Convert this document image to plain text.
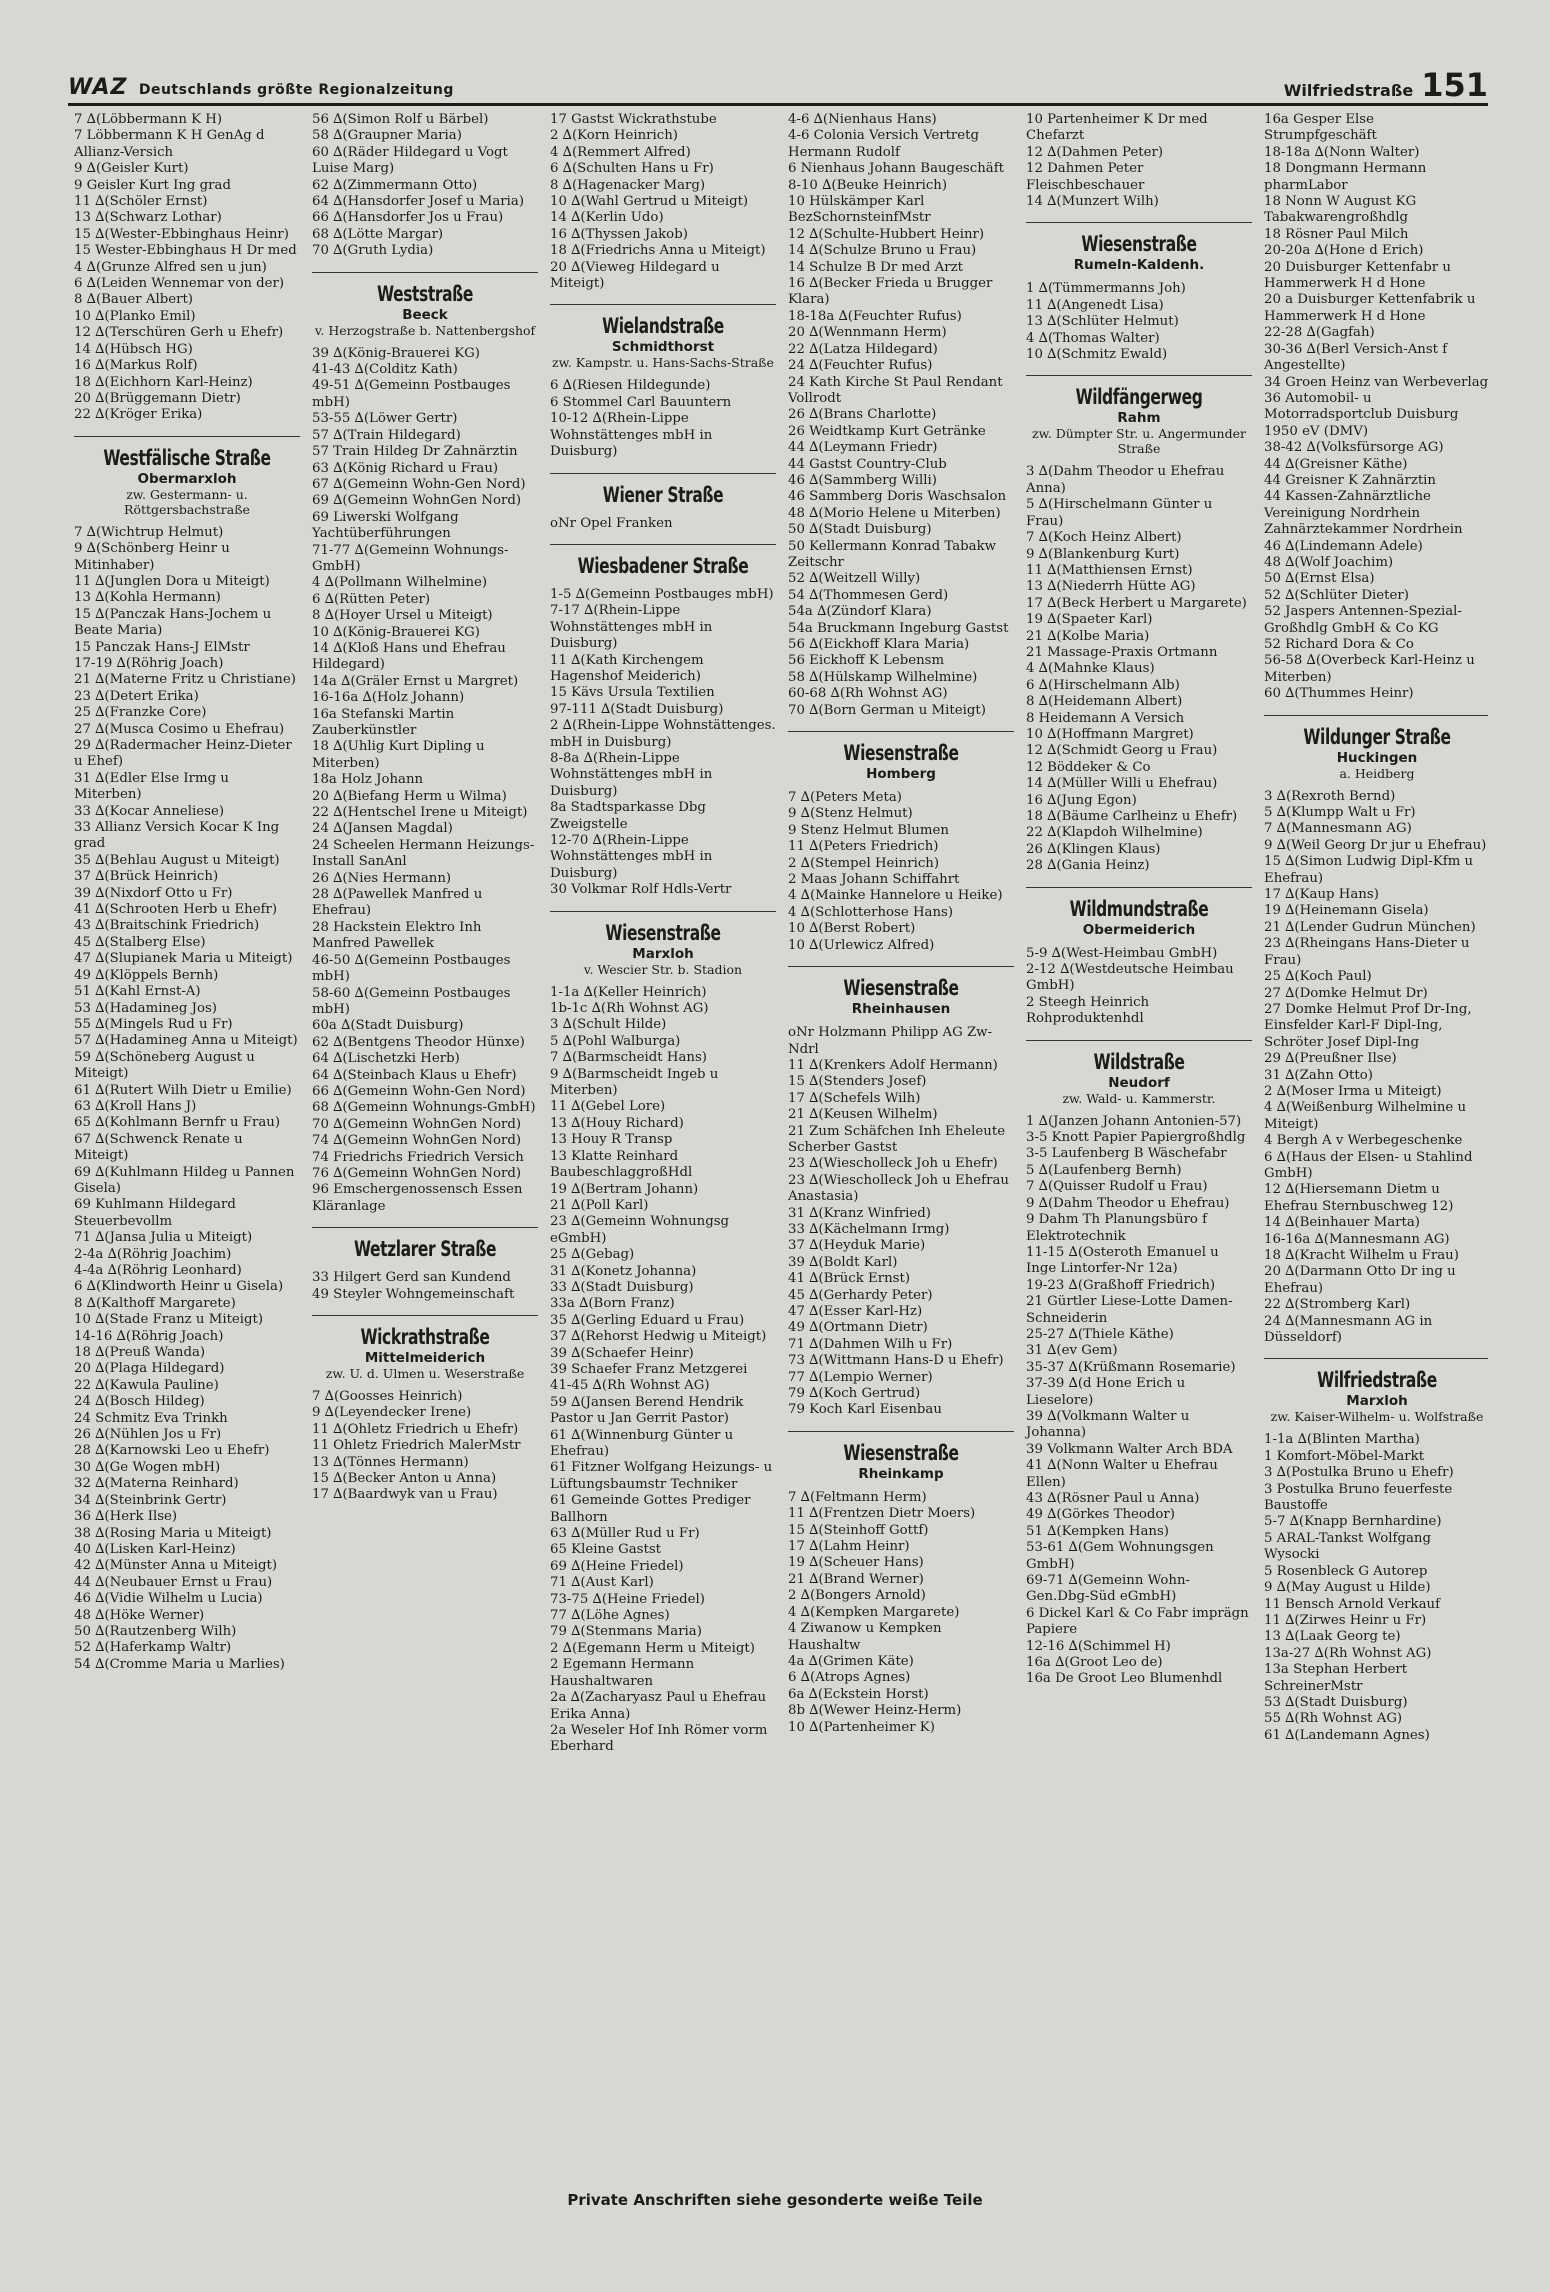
WAZ Deutschlands größte Regionalzeitung	Wilfriedstraße 151

7 ∆(Löbbermann K H)

7 Löbbermann K H GenAg d Allianz-Versich

9 ∆(Geisler Kurt)

9 Geisler Kurt Ing grad

11 ∆(Schöler Ernst)

13 ∆(Schwarz Lothar)

15 ∆(Wester-Ebbinghaus Heinr)

15 Wester-Ebbinghaus H Dr med

4 ∆(Grunze Alfred sen u jun)

6 ∆(Leiden Wennemar von der)

8 ∆(Bauer Albert)

10 ∆(Planko Emil)

12 ∆(Terschüren Gerh u Ehefr)

14 ∆(Hübsch HG)

16 ∆(Markus Rolf)

18 ∆(Eichhorn Karl-Heinz)

20 ∆(Brüggemann Dietr)

22 ∆(Kröger Erika)

Westfälische Straße
Obermarxloh
zw. Gestermann- u. Röttgersbachstraße

7 ∆(Wichtrup Helmut)

9 ∆(Schönberg Heinr u Mitinhaber)

11 ∆(Junglen Dora u Miteigt)

13 ∆(Kohla Hermann)

15 ∆(Panczak Hans-Jochem u Beate Maria)

15 Panczak Hans-J ElMstr

17-19 ∆(Röhrig Joach)

21 ∆(Materne Fritz u Christiane)

23 ∆(Detert Erika)

25 ∆(Franzke Core)

27 ∆(Musca Cosimo u Ehefrau)

29 ∆(Radermacher Heinz-Dieter u Ehef)

31 ∆(Edler Else Irmg u Miterben)

33 ∆(Kocar Anneliese)

33 Allianz Versich Kocar K Ing grad

35 ∆(Behlau August u Miteigt)

37 ∆(Brück Heinrich)

39 ∆(Nixdorf Otto u Fr)

41 ∆(Schrooten Herb u Ehefr)

43 ∆(Braitschink Friedrich)

45 ∆(Stalberg Else)

47 ∆(Slupianek Maria u Miteigt)

49 ∆(Klöppels Bernh)

51 ∆(Kahl Ernst-A)

53 ∆(Hadamineg Jos)

55 ∆(Mingels Rud u Fr)

57 ∆(Hadamineg Anna u Miteigt)

59 ∆(Schöneberg August u Miteigt)

61 ∆(Rutert Wilh Dietr u Emilie)

63 ∆(Kroll Hans J)

65 ∆(Kohlmann Bernfr u Frau)

67 ∆(Schwenck Renate u Miteigt)

69 ∆(Kuhlmann Hildeg u Pannen Gisela)

69 Kuhlmann Hildegard Steuerbevollm

71 ∆(Jansa Julia u Miteigt)

2-4a ∆(Röhrig Joachim)

4-4a ∆(Röhrig Leonhard)

6 ∆(Klindworth Heinr u Gisela)

8 ∆(Kalthoff Margarete)

10 ∆(Stade Franz u Miteigt)

14-16 ∆(Röhrig Joach)

18 ∆(Preuß Wanda)

20 ∆(Plaga Hildegard)

22 ∆(Kawula Pauline)

24 ∆(Bosch Hildeg)

24 Schmitz Eva Trinkh

26 ∆(Nühlen Jos u Fr)

28 ∆(Karnowski Leo u Ehefr)

30 ∆(Ge Wogen mbH)

32 ∆(Materna Reinhard)

34 ∆(Steinbrink Gertr)

36 ∆(Herk Ilse)

38 ∆(Rosing Maria u Miteigt)

40 ∆(Lisken Karl-Heinz)

42 ∆(Münster Anna u Miteigt)

44 ∆(Neubauer Ernst u Frau)

46 ∆(Vidie Wilhelm u Lucia)

48 ∆(Höke Werner)

50 ∆(Rautzenberg Wilh)

52 ∆(Haferkamp Waltr)

54 ∆(Cromme Maria u Marlies)

56 ∆(Simon Rolf u Bärbel)

58 ∆(Graupner Maria)

60 ∆(Räder Hildegard u Vogt Luise Marg)

62 ∆(Zimmermann Otto)

64 ∆(Hansdorfer Josef u Maria)

66 ∆(Hansdorfer Jos u Frau)

68 ∆(Lötte Margar)

70 ∆(Gruth Lydia)

Weststraße
Beeck
v. Herzogstraße b. Nattenbergshof

39 ∆(König-Brauerei KG)

41-43 ∆(Colditz Kath)

49-51 ∆(Gemeinn Postbauges mbH)

53-55 ∆(Löwer Gertr)

57 ∆(Train Hildegard)

57 Train Hildeg Dr Zahnärztin

63 ∆(König Richard u Frau)

67 ∆(Gemeinn Wohn-Gen Nord)

69 ∆(Gemeinn WohnGen Nord)

69 Liwerski Wolfgang Yachtüberführungen

71-77 ∆(Gemeinn Wohnungs-GmbH)

4 ∆(Pollmann Wilhelmine)

6 ∆(Rütten Peter)

8 ∆(Hoyer Ursel u Miteigt)

10 ∆(König-Brauerei KG)

14 ∆(Kloß Hans und Ehefrau Hildegard)

14a ∆(Gräler Ernst u Margret)

16-16a ∆(Holz Johann)

16a Stefanski Martin Zauberkünstler

18 ∆(Uhlig Kurt Dipling u Miterben)

18a Holz Johann

20 ∆(Biefang Herm u Wilma)

22 ∆(Hentschel Irene u Miteigt)

24 ∆(Jansen Magdal)

24 Scheelen Hermann Heizungs-Install SanAnl

26 ∆(Nies Hermann)

28 ∆(Pawellek Manfred u Ehefrau)

28 Hackstein Elektro Inh Manfred Pawellek

46-50 ∆(Gemeinn Postbauges mbH)

58-60 ∆(Gemeinn Postbauges mbH)

60a ∆(Stadt Duisburg)

62 ∆(Bentgens Theodor Hünxe)

64 ∆(Lischetzki Herb)

64 ∆(Steinbach Klaus u Ehefr)

66 ∆(Gemeinn Wohn-Gen Nord)

68 ∆(Gemeinn Wohnungs-GmbH)

70 ∆(Gemeinn WohnGen Nord)

74 ∆(Gemeinn WohnGen Nord)

74 Friedrichs Friedrich Versich

76 ∆(Gemeinn WohnGen Nord)

96 Emschergenossensch Essen Kläranlage

Wetzlarer Straße

33 Hilgert Gerd san Kundend

49 Steyler Wohngemeinschaft

Wickrathstraße
Mittelmeiderich
zw. U. d. Ulmen u. Weserstraße

7 ∆(Goosses Heinrich)

9 ∆(Leyendecker Irene)

11 ∆(Ohletz Friedrich u Ehefr)

11 Ohletz Friedrich MalerMstr

13 ∆(Tönnes Hermann)

15 ∆(Becker Anton u Anna)

17 ∆(Baardwyk van u Frau)

17 Gastst Wickrathstube

2 ∆(Korn Heinrich)

4 ∆(Remmert Alfred)

6 ∆(Schulten Hans u Fr)

8 ∆(Hagenacker Marg)

10 ∆(Wahl Gertrud u Miteigt)

14 ∆(Kerlin Udo)

16 ∆(Thyssen Jakob)

18 ∆(Friedrichs Anna u Miteigt)

20 ∆(Vieweg Hildegard u Miteigt)

Wielandstraße
Schmidthorst
zw. Kampstr. u. Hans-Sachs-Straße

6 ∆(Riesen Hildegunde)

6 Stommel Carl Bauuntern

10-12 ∆(Rhein-Lippe Wohnstättenges mbH in Duisburg)

Wiener Straße

oNr Opel Franken

Wiesbadener Straße

1-5 ∆(Gemeinn Postbauges mbH)

7-17 ∆(Rhein-Lippe Wohnstättenges mbH in Duisburg)

11 ∆(Kath Kirchengem Hagenshof Meiderich)

15 Kävs Ursula Textilien

97-111 ∆(Stadt Duisburg)

2 ∆(Rhein-Lippe Wohnstättenges. mbH in Duisburg)

8-8a ∆(Rhein-Lippe Wohnstättenges mbH in Duisburg)

8a Stadtsparkasse Dbg Zweigstelle

12-70 ∆(Rhein-Lippe Wohnstättenges mbH in Duisburg)

30 Volkmar Rolf Hdls-Vertr

Wiesenstraße
Marxloh
v. Wescier Str. b. Stadion

1-1a ∆(Keller Heinrich)

1b-1c ∆(Rh Wohnst AG)

3 ∆(Schult Hilde)

5 ∆(Pohl Walburga)

7 ∆(Barmscheidt Hans)

9 ∆(Barmscheidt Ingeb u Miterben)

11 ∆(Gebel Lore)

13 ∆(Houy Richard)

13 Houy R Transp

13 Klatte Reinhard BaubeschlaggroßHdl

19 ∆(Bertram Johann)

21 ∆(Poll Karl)

23 ∆(Gemeinn Wohnungsg eGmbH)

25 ∆(Gebag)

31 ∆(Konetz Johanna)

33 ∆(Stadt Duisburg)

33a ∆(Born Franz)

35 ∆(Gerling Eduard u Frau)

37 ∆(Rehorst Hedwig u Miteigt)

39 ∆(Schaefer Heinr)

39 Schaefer Franz Metzgerei

41-45 ∆(Rh Wohnst AG)

59 ∆(Jansen Berend Hendrik Pastor u Jan Gerrit Pastor)

61 ∆(Winnenburg Günter u Ehefrau)

61 Fitzner Wolfgang Heizungs- u Lüftungsbaumstr Techniker

61 Gemeinde Gottes Prediger Ballhorn

63 ∆(Müller Rud u Fr)

65 Kleine Gastst

69 ∆(Heine Friedel)

71 ∆(Aust Karl)

73-75 ∆(Heine Friedel)

77 ∆(Löhe Agnes)

79 ∆(Stenmans Maria)

2 ∆(Egemann Herm u Miteigt)

2 Egemann Hermann Haushaltwaren

2a ∆(Zacharyasz Paul u Ehefrau Erika Anna)

2a Weseler Hof Inh Römer vorm Eberhard

4-6 ∆(Nienhaus Hans)

4-6 Colonia Versich Vertretg Hermann Rudolf

6 Nienhaus Johann Baugeschäft

8-10 ∆(Beuke Heinrich)

10 Hülskämper Karl BezSchornsteinfMstr

12 ∆(Schulte-Hubbert Heinr)

14 ∆(Schulze Bruno u Frau)

14 Schulze B Dr med Arzt

16 ∆(Becker Frieda u Brugger Klara)

18-18a ∆(Feuchter Rufus)

20 ∆(Wennmann Herm)

22 ∆(Latza Hildegard)

24 ∆(Feuchter Rufus)

24 Kath Kirche St Paul Rendant Vollrodt

26 ∆(Brans Charlotte)

26 Weidtkamp Kurt Getränke

44 ∆(Leymann Friedr)

44 Gastst Country-Club

46 ∆(Sammberg Willi)

46 Sammberg Doris Waschsalon

48 ∆(Morio Helene u Miterben)

50 ∆(Stadt Duisburg)

50 Kellermann Konrad Tabakw Zeitschr

52 ∆(Weitzell Willy)

54 ∆(Thommesen Gerd)

54a ∆(Zündorf Klara)

54a Bruckmann Ingeburg Gastst

56 ∆(Eickhoff Klara Maria)

56 Eickhoff K Lebensm

58 ∆(Hülskamp Wilhelmine)

60-68 ∆(Rh Wohnst AG)

70 ∆(Born German u Miteigt)

Wiesenstraße
Homberg

7 ∆(Peters Meta)

9 ∆(Stenz Helmut)

9 Stenz Helmut Blumen

11 ∆(Peters Friedrich)

2 ∆(Stempel Heinrich)

2 Maas Johann Schiffahrt

4 ∆(Mainke Hannelore u Heike)

4 ∆(Schlotterhose Hans)

10 ∆(Berst Robert)

10 ∆(Urlewicz Alfred)

Wiesenstraße
Rheinhausen

oNr Holzmann Philipp AG Zw-Ndrl

11 ∆(Krenkers Adolf Hermann)

15 ∆(Stenders Josef)

17 ∆(Schefels Wilh)

21 ∆(Keusen Wilhelm)

21 Zum Schäfchen Inh Eheleute Scherber Gastst

23 ∆(Wiescholleck Joh u Ehefr)

23 ∆(Wiescholleck Joh u Ehefrau Anastasia)

31 ∆(Kranz Winfried)

33 ∆(Kächelmann Irmg)

37 ∆(Heyduk Marie)

39 ∆(Boldt Karl)

41 ∆(Brück Ernst)

45 ∆(Gerhardy Peter)

47 ∆(Esser Karl-Hz)

49 ∆(Ortmann Dietr)

71 ∆(Dahmen Wilh u Fr)

73 ∆(Wittmann Hans-D u Ehefr)

77 ∆(Lempio Werner)

79 ∆(Koch Gertrud)

79 Koch Karl Eisenbau

Wiesenstraße
Rheinkamp

7 ∆(Feltmann Herm)

11 ∆(Frentzen Dietr Moers)

15 ∆(Steinhoff Gottf)

17 ∆(Lahm Heinr)

19 ∆(Scheuer Hans)

21 ∆(Brand Werner)

2 ∆(Bongers Arnold)

4 ∆(Kempken Margarete)

4 Ziwanow u Kempken Haushaltw

4a ∆(Grimen Käte)

6 ∆(Atrops Agnes)

6a ∆(Eckstein Horst)

8b ∆(Wewer Heinz-Herm)

10 ∆(Partenheimer K)

10 Partenheimer K Dr med Chefarzt

12 ∆(Dahmen Peter)

12 Dahmen Peter Fleischbeschauer

14 ∆(Munzert Wilh)

Wiesenstraße
Rumeln-Kaldenh.

1 ∆(Tümmermanns Joh)

11 ∆(Angenedt Lisa)

13 ∆(Schlüter Helmut)

4 ∆(Thomas Walter)

10 ∆(Schmitz Ewald)

Wildfängerweg
Rahm
zw. Dümpter Str. u. Angermunder Straße

3 ∆(Dahm Theodor u Ehefrau Anna)

5 ∆(Hirschelmann Günter u Frau)

7 ∆(Koch Heinz Albert)

9 ∆(Blankenburg Kurt)

11 ∆(Matthiensen Ernst)

13 ∆(Niederrh Hütte AG)

17 ∆(Beck Herbert u Margarete)

19 ∆(Spaeter Karl)

21 ∆(Kolbe Maria)

21 Massage-Praxis Ortmann

4 ∆(Mahnke Klaus)

6 ∆(Hirschelmann Alb)

8 ∆(Heidemann Albert)

8 Heidemann A Versich

10 ∆(Hoffmann Margret)

12 ∆(Schmidt Georg u Frau)

12 Böddeker & Co

14 ∆(Müller Willi u Ehefrau)

16 ∆(Jung Egon)

18 ∆(Bäume Carlheinz u Ehefr)

22 ∆(Klapdoh Wilhelmine)

26 ∆(Klingen Klaus)

28 ∆(Gania Heinz)

Wildmundstraße
Obermeiderich

5-9 ∆(West-Heimbau GmbH)

2-12 ∆(Westdeutsche Heimbau GmbH)

2 Steegh Heinrich Rohproduktenhdl

Wildstraße
Neudorf
zw. Wald- u. Kammerstr.

1 ∆(Janzen Johann Antonien-57)

3-5 Knott Papier Papiergroßhdlg

3-5 Laufenberg B Wäschefabr

5 ∆(Laufenberg Bernh)

7 ∆(Quisser Rudolf u Frau)

9 ∆(Dahm Theodor u Ehefrau)

9 Dahm Th Planungsbüro f Elektrotechnik

11-15 ∆(Osteroth Emanuel u Inge Lintorfer-Nr 12a)

19-23 ∆(Graßhoff Friedrich)

21 Gürtler Liese-Lotte Damen-Schneiderin

25-27 ∆(Thiele Käthe)

31 ∆(ev Gem)

35-37 ∆(Krüßmann Rosemarie)

37-39 ∆(d Hone Erich u Lieselore)

39 ∆(Volkmann Walter u Johanna)

39 Volkmann Walter Arch BDA

41 ∆(Nonn Walter u Ehefrau Ellen)

43 ∆(Rösner Paul u Anna)

49 ∆(Görkes Theodor)

51 ∆(Kempken Hans)

53-61 ∆(Gem Wohnungsgen GmbH)

69-71 ∆(Gemeinn Wohn-Gen.Dbg-Süd eGmbH)

6 Dickel Karl & Co Fabr imprägn Papiere

12-16 ∆(Schimmel H)

16a ∆(Groot Leo de)

16a De Groot Leo Blumenhdl

16a Gesper Else Strumpfgeschäft

18-18a ∆(Nonn Walter)

18 Dongmann Hermann pharmLabor

18 Nonn W August KG Tabakwarengroßhdlg

18 Rösner Paul Milch

20-20a ∆(Hone d Erich)

20 Duisburger Kettenfabr u Hammerwerk H d Hone

20 a Duisburger Kettenfabrik u Hammerwerk H d Hone

22-28 ∆(Gagfah)

30-36 ∆(Berl Versich-Anst f Angestellte)

34 Groen Heinz van Werbeverlag

36 Automobil- u Motorradsportclub Duisburg 1950 eV (DMV)

38-42 ∆(Volksfürsorge AG)

44 ∆(Greisner Käthe)

44 Greisner K Zahnärztin

44 Kassen-Zahnärztliche Vereinigung Nordrhein Zahnärztekammer Nordrhein

46 ∆(Lindemann Adele)

48 ∆(Wolf Joachim)

50 ∆(Ernst Elsa)

52 ∆(Schlüter Dieter)

52 Jaspers Antennen-Spezial-Großhdlg GmbH & Co KG

52 Richard Dora & Co

56-58 ∆(Overbeck Karl-Heinz u Miterben)

60 ∆(Thummes Heinr)

Wildunger Straße
Huckingen
a. Heidberg

3 ∆(Rexroth Bernd)

5 ∆(Klumpp Walt u Fr)

7 ∆(Mannesmann AG)

9 ∆(Weil Georg Dr jur u Ehefrau)

15 ∆(Simon Ludwig Dipl-Kfm u Ehefrau)

17 ∆(Kaup Hans)

19 ∆(Heinemann Gisela)

21 ∆(Lender Gudrun München)

23 ∆(Rheingans Hans-Dieter u Frau)

25 ∆(Koch Paul)

27 ∆(Domke Helmut Dr)

27 Domke Helmut Prof Dr-Ing, Einsfelder Karl-F Dipl-Ing, Schröter Josef Dipl-Ing

29 ∆(Preußner Ilse)

31 ∆(Zahn Otto)

2 ∆(Moser Irma u Miteigt)

4 ∆(Weißenburg Wilhelmine u Miteigt)

4 Bergh A v Werbegeschenke

6 ∆(Haus der Elsen- u Stahlind GmbH)

12 ∆(Hiersemann Dietm u Ehefrau Sternbuschweg 12)

14 ∆(Beinhauer Marta)

16-16a ∆(Mannesmann AG)

18 ∆(Kracht Wilhelm u Frau)

20 ∆(Darmann Otto Dr ing u Ehefrau)

22 ∆(Stromberg Karl)

24 ∆(Mannesmann AG in Düsseldorf)

Wilfriedstraße
Marxloh
zw. Kaiser-Wilhelm- u. Wolfstraße

1-1a ∆(Blinten Martha)

1 Komfort-Möbel-Markt

3 ∆(Postulka Bruno u Ehefr)

3 Postulka Bruno feuerfeste Baustoffe

5-7 ∆(Knapp Bernhardine)

5 ARAL-Tankst Wolfgang Wysocki

5 Rosenbleck G Autorep

9 ∆(May August u Hilde)

11 Bensch Arnold Verkauf

11 ∆(Zirwes Heinr u Fr)

13 ∆(Laak Georg te)

13a-27 ∆(Rh Wohnst AG)

13a Stephan Herbert SchreinerMstr

53 ∆(Stadt Duisburg)

55 ∆(Rh Wohnst AG)

61 ∆(Landemann Agnes)

Private Anschriften siehe gesonderte weiße Teile
